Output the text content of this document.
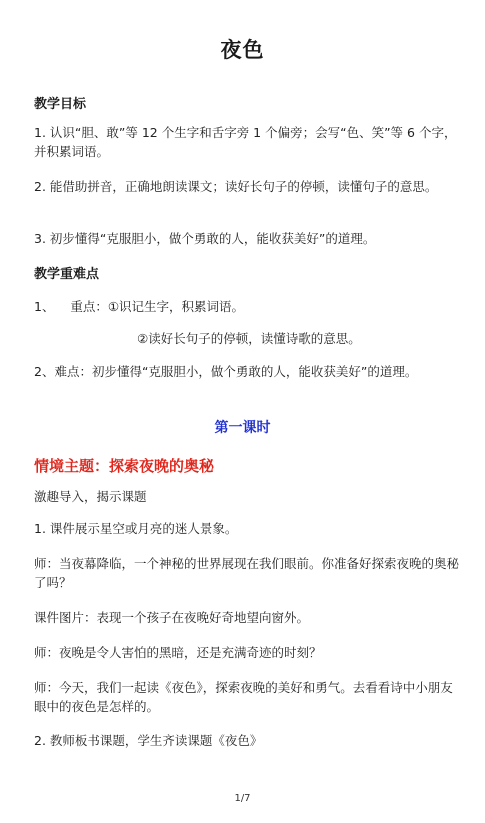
夜色
教学目标
1. 认识“胆、敢”等 12 个生字和舌字旁 1 个偏旁；会写“色、笑”等 6 个字，并积累词语。
2. 能借助拼音，正确地朗读课文；读好长句子的停顿，读懂句子的意思。
3. 初步懂得“克服胆小，做个勇敢的人，能收获美好”的道理。
教学重难点
1、    重点：①识记生字，积累词语。
②读好长句子的停顿，读懂诗歌的意思。
2、难点：初步懂得“克服胆小，做个勇敢的人，能收获美好”的道理。
第一课时
情境主题：探索夜晚的奥秘
激趣导入，揭示课题
1. 课件展示星空或月亮的迷人景象。
师：当夜幕降临，一个神秘的世界展现在我们眼前。你准备好探索夜晚的奥秘了吗？
课件图片：表现一个孩子在夜晚好奇地望向窗外。
师：夜晚是令人害怕的黑暗，还是充满奇迹的时刻？
师：今天，我们一起读《夜色》，探索夜晚的美好和勇气。去看看诗中小朋友眼中的夜色是怎样的。
2. 教师板书课题，学生齐读课题《夜色》
1/7
